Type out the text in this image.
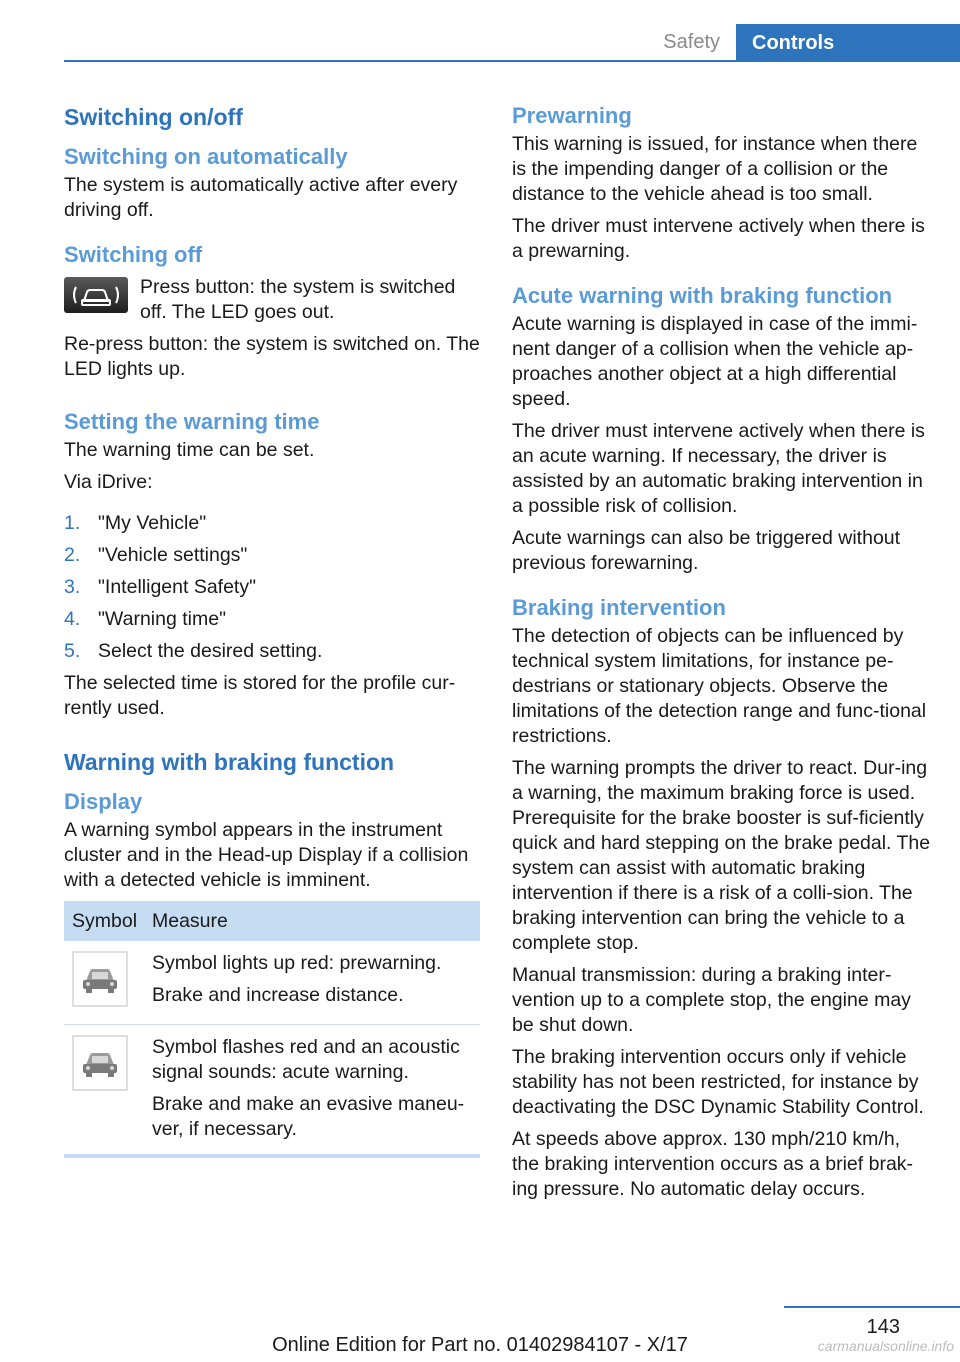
Safety	Controls
Switching on/off
Switching on automatically

The system is automatically active after every driving off.

Switching off

Press button: the system is switched off. The LED goes out.

Re-press button: the system is switched on. The LED lights up.

Setting the warning time

The warning time can be set.

Via iDrive:

1. "My Vehicle"
2. "Vehicle settings"
3. "Intelligent Safety"
4. "Warning time"
5. Select the desired setting.

The selected time is stored for the profile cur‐rently used.

Warning with braking function
Display

A warning symbol appears in the instrument cluster and in the Head-up Display if a collision with a detected vehicle is imminent.

Symbol Measure

Symbol lights up red: prewarning.

Brake and increase distance.

Symbol flashes red and an acoustic signal sounds: acute warning.

Brake and make an evasive maneu‐ver, if necessary.

Prewarning

This warning is issued, for instance when there is the impending danger of a collision or the distance to the vehicle ahead is too small.

The driver must intervene actively when there is a prewarning.

Acute warning with braking function

Acute warning is displayed in case of the immi‐nent danger of a collision when the vehicle ap‐proaches another object at a high differential speed.

The driver must intervene actively when there is an acute warning. If necessary, the driver is assisted by an automatic braking intervention in a possible risk of collision.

Acute warnings can also be triggered without previous forewarning.

Braking intervention

The detection of objects can be influenced by technical system limitations, for instance pe‐destrians or stationary objects. Observe the limitations of the detection range and func‐tional restrictions.

The warning prompts the driver to react. Dur‐ing a warning, the maximum braking force is used. Prerequisite for the brake booster is suf‐ficiently quick and hard stepping on the brake pedal. The system can assist with automatic braking intervention if there is a risk of a colli‐sion. The braking intervention can bring the vehicle to a complete stop.

Manual transmission: during a braking inter‐vention up to a complete stop, the engine may be shut down.

The braking intervention occurs only if vehicle stability has not been restricted, for instance by deactivating the DSC Dynamic Stability Control.

At speeds above approx. 130 mph/210 km/h, the braking intervention occurs as a brief brak‐ing pressure. No automatic delay occurs.

143
Online Edition for Part no. 01402984107 - X/17	carmanualsonline.info
